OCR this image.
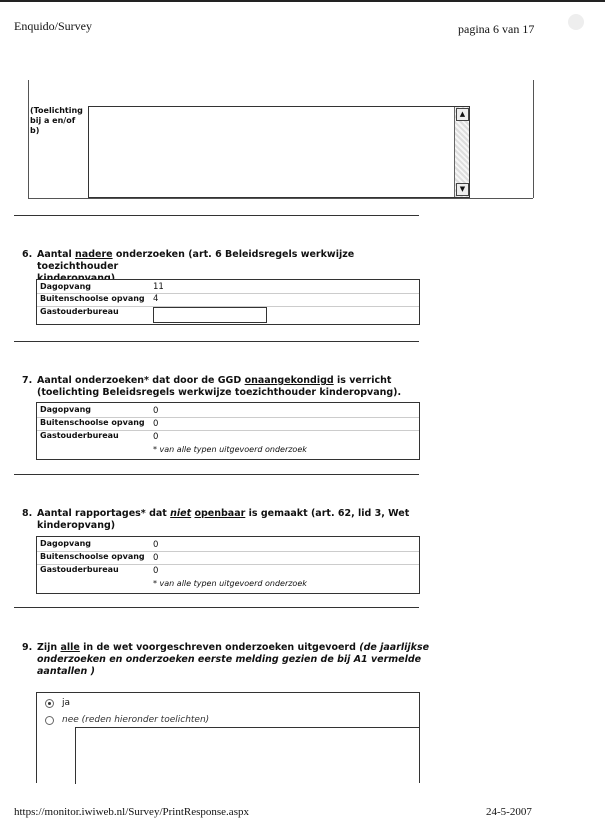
Enquido/Survey	pagina 6 van 17
(Toelichting bij a en/of b)
▲
▼
6. Aantal nadere onderzoeken (art. 6 Beleidsregels werkwijze toezichthouder

Dagopvang
Buitenschoolse opvang
Gastouderbureau
11
4
7. Aantal onderzoeken* dat door de GGD onaangekondigd is verricht
(toelichting Beleidsregels werkwijze toezichthouder kinderopvang).
Dagopvang
Buitenschoolse opvang
Gastouderbureau
0
0
0
* van alle typen uitgevoerd onderzoek
8. Aantal rapportages* dat niet openbaar is gemaakt (art. 62, lid 3, Wet
kinderopvang)
Dagopvang
Buitenschoolse opvang
Gastouderbureau
0
0
0
* van alle typen uitgevoerd onderzoek
9. Zijn alle in de wet voorgeschreven onderzoeken uitgevoerd (de jaarlijkse
onderzoeken en onderzoeken eerste melding gezien de bij A1 vermelde
aantallen )
ja
nee (reden hieronder toelichten)
https://monitor.iwiweb.nl/Survey/PrintResponse.aspx	24-5-2007
